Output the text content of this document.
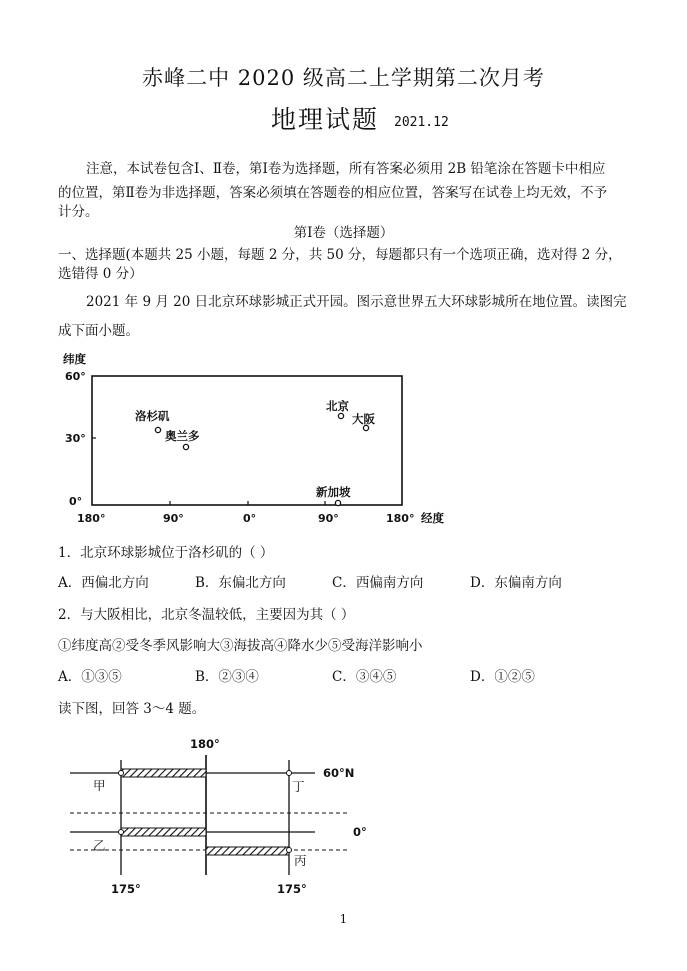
赤峰二中 2020 级高二上学期第二次月考
地理试题 2021.12
注意，本试卷包含Ⅰ、Ⅱ卷，第Ⅰ卷为选择题，所有答案必须用 2B 铅笔涂在答题卡中相应
的位置，第Ⅱ卷为非选择题，答案必须填在答题卷的相应位置，答案写在试卷上均无效，不予
计分。
第Ⅰ卷（选择题）
一、选择题(本题共 25 小题，每题 2 分，共 50 分，每题都只有一个选项正确，选对得 2 分，
选错得 0 分）
2021 年 9 月 20 日北京环球影城正式开园。图示意世界五大环球影城所在地位置。读图完
成下面小题。
纬度
60°
30°
0°
180°	90°	0°	90°	180° 经度
洛杉矶
奥兰多
北京
大阪
新加坡
1．北京环球影城位于洛杉矶的（ ）
A．西偏北方向	B．东偏北方向	C．西偏南方向	D．东偏南方向
2．与大阪相比，北京冬温较低，主要因为其（ ）
①纬度高②受冬季风影响大③海拔高④降水少⑤受海洋影响小
A．①③⑤	B．②③④	C．③④⑤	D．①②⑤
读下图，回答 3～4 题。
180°
60°N
0°
甲	丁
乙
丙
175°	175°
1
